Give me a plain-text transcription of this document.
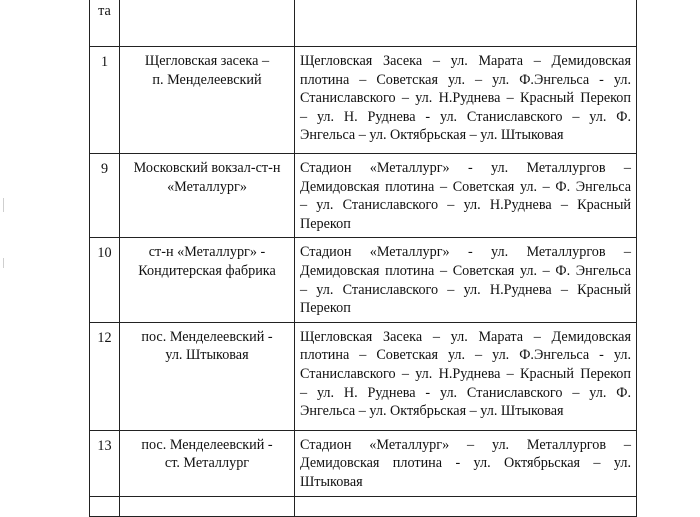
та		
1	Щегловская засека –
п. Менделеевский	Щегловская Засека – ул. Марата – Демидовская
плотина – Советская ул. – ул. Ф.Энгельса - ул.
Станиславского – ул. Н.Руднева – Красный Перекоп
– ул. Н. Руднева - ул. Станиславского – ул. Ф.
Энгельса – ул. Октябрьская – ул. Штыковая

9	Московский вокзал-ст-н
«Металлург»	Стадион «Металлург» - ул. Металлургов –
Демидовская плотина – Советская ул. – Ф. Энгельса
– ул. Станиславского – ул. Н.Руднева – Красный
Перекоп

10	ст-н «Металлург» -
Кондитерская фабрика	Стадион «Металлург» - ул. Металлургов –
Демидовская плотина – Советская ул. – Ф. Энгельса
– ул. Станиславского – ул. Н.Руднева – Красный
Перекоп

12	пос. Менделеевский -
ул. Штыковая	Щегловская Засека – ул. Марата – Демидовская
плотина – Советская ул. – ул. Ф.Энгельса - ул.
Станиславского – ул. Н.Руднева – Красный Перекоп
– ул. Н. Руднева - ул. Станиславского – ул. Ф.
Энгельса – ул. Октябрьская – ул. Штыковая

13	пос. Менделеевский -
ст. Металлург	Стадион «Металлург» – ул. Металлургов –
Демидовская плотина - ул. Октябрьская – ул.
Штыковая
